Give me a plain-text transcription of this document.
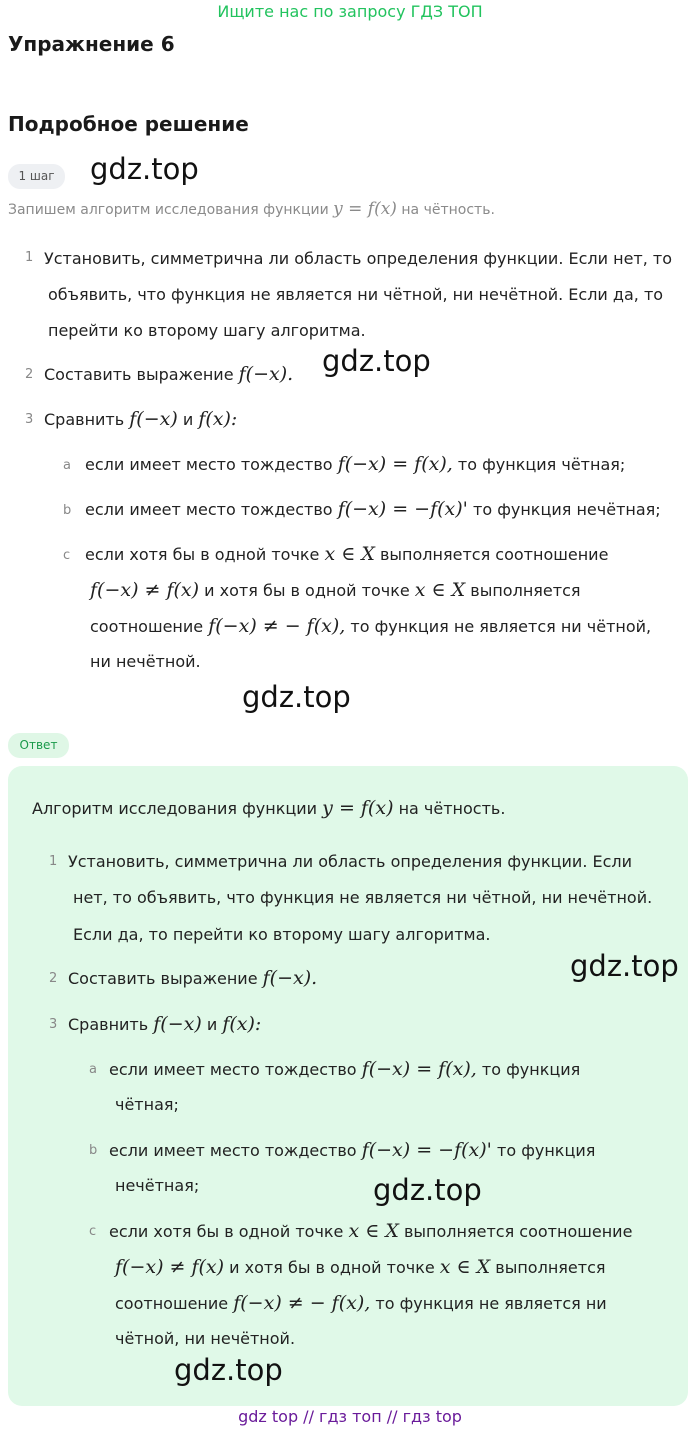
Ищите нас по запросу ГДЗ ТОП
Упражнение 6
Подробное решение
1 шаг	gdz.top
Запишем алгоритм исследования функции y = f(x) на чётность.
1 Установить, симметрична ли область определения функции. Если нет, то
объявить, что функция не является ни чётной, ни нечётной. Если да, то
перейти ко второму шагу алгоритма.
2 Составить выражение f(−x). gdz.top
3 Сравнить f(−x) и f(x):
a если имеет место тождество f(−x) = f(x), то функция чётная;
b если имеет место тождество f(−x) = −f(x)' то функция нечётная;
c если хотя бы в одной точке x ∈ X выполняется соотношение
f(−x) ≠ f(x) и хотя бы в одной точке x ∈ X выполняется
соотношение f(−x) ≠ − f(x), то функция не является ни чётной,
ни нечётной.
gdz.top
Ответ
Алгоритм исследования функции y = f(x) на чётность.
1 Установить, симметрична ли область определения функции. Если
нет, то объявить, что функция не является ни чётной, ни нечётной.
Если да, то перейти ко второму шагу алгоритма.
2 Составить выражение f(−x).	gdz.top
3 Сравнить f(−x) и f(x):
a если имеет место тождество f(−x) = f(x), то функция
чётная;
b если имеет место тождество f(−x) = −f(x)' то функция
нечётная;	gdz.top
c если хотя бы в одной точке x ∈ X выполняется соотношение
f(−x) ≠ f(x) и хотя бы в одной точке x ∈ X выполняется
соотношение f(−x) ≠ − f(x), то функция не является ни
чётной, ни нечётной.
gdz.top
gdz top // гдз топ // гдз top
